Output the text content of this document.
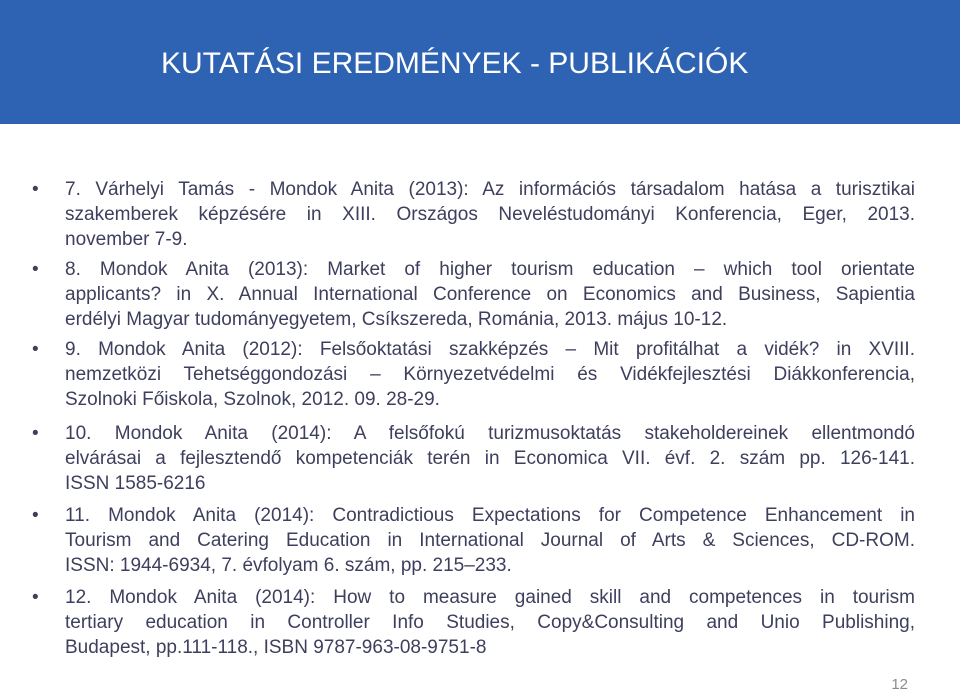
KUTATÁSI EREDMÉNYEK - PUBLIKÁCIÓK
•	7. Várhelyi Tamás - Mondok Anita (2013): Az információs társadalom hatása a turisztikai
szakemberek képzésére in XIII. Országos Neveléstudományi Konferencia, Eger, 2013.
november 7-9.
•	8. Mondok Anita (2013): Market of higher tourism education – which tool orientate
applicants? in X. Annual International Conference on Economics and Business, Sapientia
erdélyi Magyar tudományegyetem, Csíkszereda, Románia, 2013. május 10-12.
•	9. Mondok Anita (2012): Felsőoktatási szakképzés – Mit profitálhat a vidék? in XVIII.
nemzetközi Tehetséggondozási – Környezetvédelmi és Vidékfejlesztési Diákkonferencia,
Szolnoki Főiskola, Szolnok, 2012. 09. 28-29.
•	10. Mondok Anita (2014): A felsőfokú turizmusoktatás stakeholdereinek ellentmondó
elvárásai a fejlesztendő kompetenciák terén in Economica VII. évf. 2. szám pp. 126-141.
ISSN 1585-6216
•	11. Mondok Anita (2014): Contradictious Expectations for Competence Enhancement in
Tourism and Catering Education in International Journal of Arts & Sciences, CD-ROM.
ISSN: 1944-6934, 7. évfolyam 6. szám, pp. 215–233.
•	12. Mondok Anita (2014): How to measure gained skill and competences in tourism
tertiary education in Controller Info Studies, Copy&Consulting and Unio Publishing,
Budapest, pp.111-118., ISBN 9787-963-08-9751-8
12
